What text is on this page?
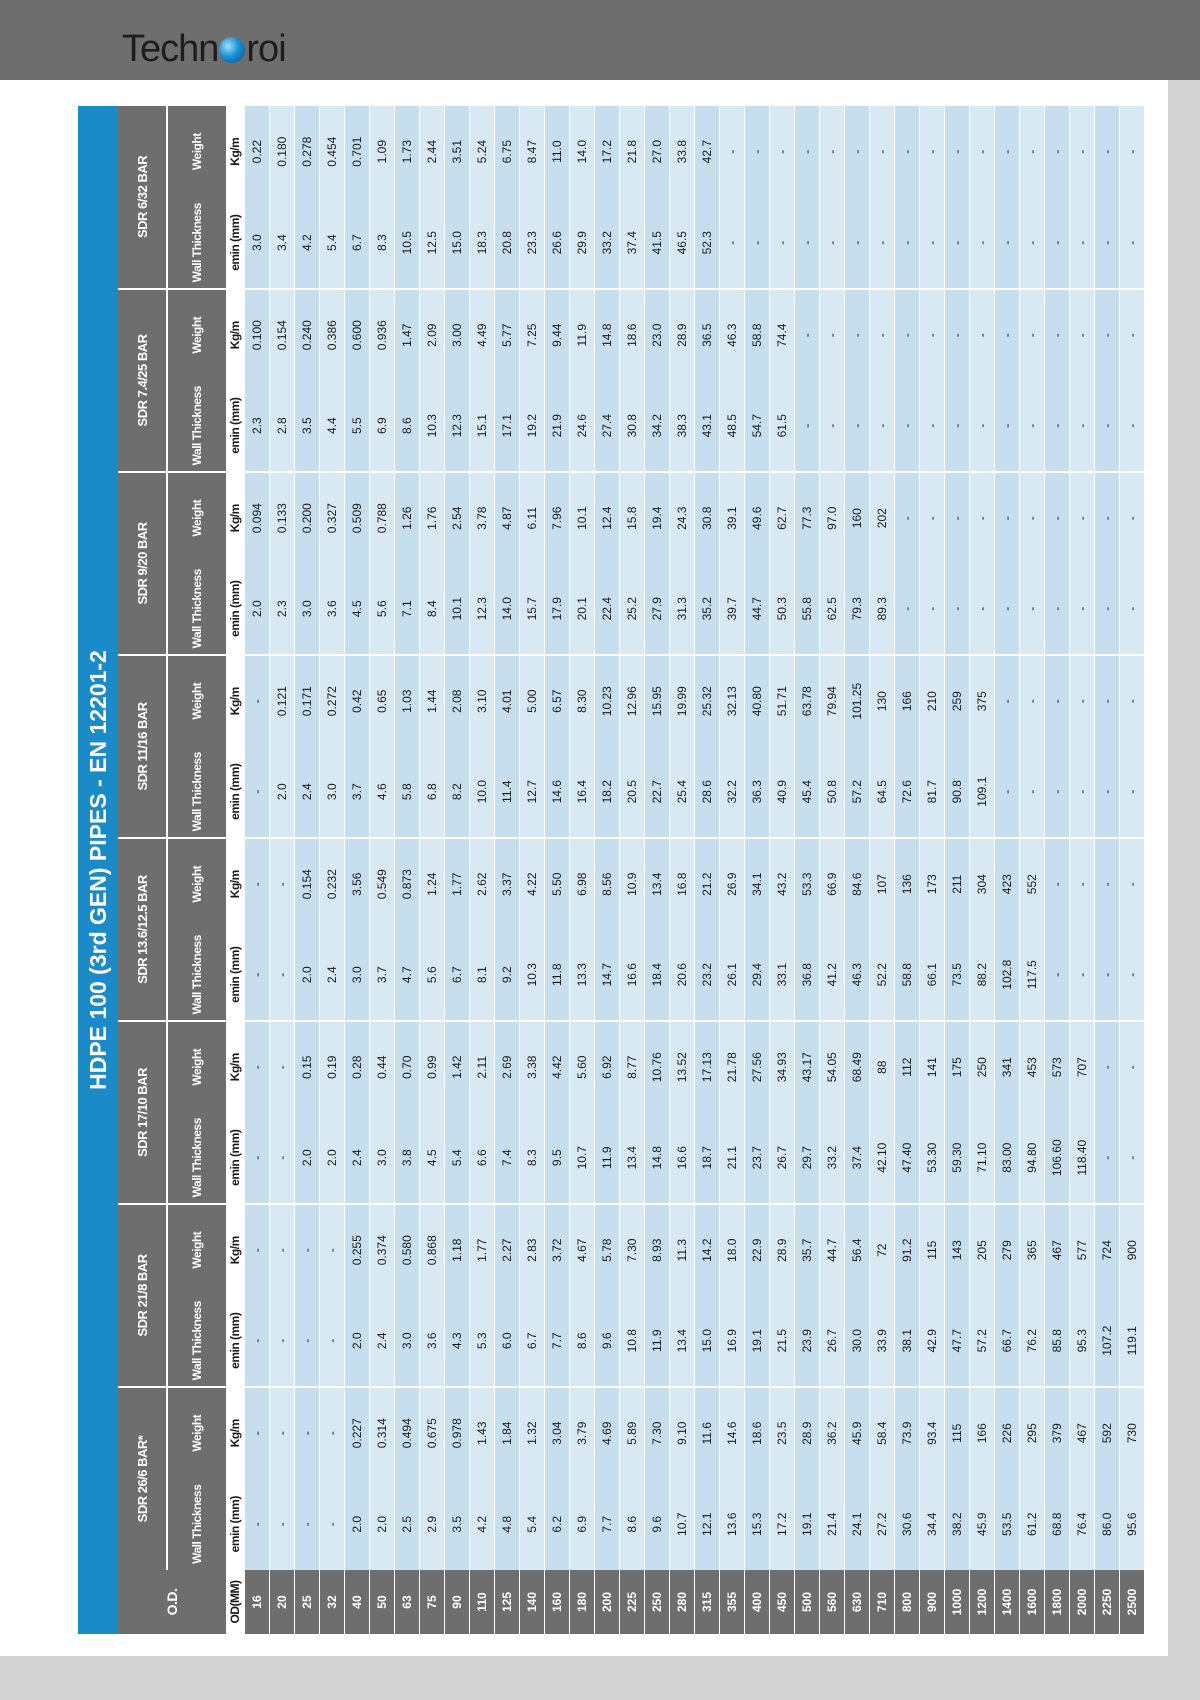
Techn roi
HDPE 100 (3rd GEN) PIPES - EN 12201-2
O.D.	SDR 26/6 BAR*		SDR 21/8 BAR		SDR 17/10 BAR		SDR 13.6/12.5 BAR		SDR 11/16 BAR		SDR 9/20 BAR		SDR 7.4/25 BAR		SDR 6/32 BAR	
	Wall Thickness	Weight	Wall Thickness	Weight	Wall Thickness	Weight	Wall Thickness	Weight	Wall Thickness	Weight	Wall Thickness	Weight	Wall Thickness	Weight	Wall Thickness	Weight
OD(MM)	emin (mm)	Kg/m	emin (mm)	Kg/m	emin (mm)	Kg/m	emin (mm)	Kg/m	emin (mm)	Kg/m	emin (mm)	Kg/m	emin (mm)	Kg/m	emin (mm)	Kg/m
16	-	-	-	-	-	-	-	-	-	-	2.0	0.094	2.3	0.100	3.0	0.22
20	-	-	-	-	-	-	-	-	2.0	0.121	2.3	0.133	2.8	0.154	3.4	0.180
25	-	-	-	-	2.0	0.15	2.0	0.154	2.4	0.171	3.0	0.200	3.5	0.240	4.2	0.278
32	-	-	-	-	2.0	0.19	2.4	0.232	3.0	0.272	3.6	0.327	4.4	0.386	5.4	0.454
40	2.0	0.227	2.0	0.255	2.4	0.28	3.0	3.56	3.7	0.42	4.5	0.509	5.5	0.600	6.7	0.701
50	2.0	0.314	2.4	0.374	3.0	0.44	3.7	0.549	4.6	0.65	5.6	0.788	6.9	0.936	8.3	1.09
63	2.5	0.494	3.0	0.580	3.8	0.70	4.7	0.873	5.8	1.03	7.1	1.26	8.6	1.47	10.5	1.73
75	2.9	0.675	3.6	0.868	4.5	0.99	5.6	1.24	6.8	1.44	8.4	1.76	10.3	2.09	12.5	2.44
90	3.5	0.978	4.3	1.18	5.4	1.42	6.7	1.77	8.2	2.08	10.1	2.54	12.3	3.00	15.0	3.51
110	4.2	1.43	5.3	1.77	6.6	2.11	8.1	2.62	10.0	3.10	12.3	3.78	15.1	4.49	18.3	5.24
125	4.8	1.84	6.0	2.27	7.4	2.69	9.2	3.37	11.4	4.01	14.0	4.87	17.1	5.77	20.8	6.75
140	5.4	1.32	6.7	2.83	8.3	3.38	10.3	4.22	12.7	5.00	15.7	6.11	19.2	7.25	23.3	8.47
160	6.2	3.04	7.7	3.72	9.5	4.42	11.8	5.50	14.6	6.57	17.9	7.96	21.9	9.44	26.6	11.0
180	6.9	3.79	8.6	4.67	10.7	5.60	13.3	6.98	16.4	8.30	20.1	10.1	24.6	11.9	29.9	14.0
200	7.7	4.69	9.6	5.78	11.9	6.92	14.7	8.56	18.2	10.23	22.4	12.4	27.4	14.8	33.2	17.2
225	8.6	5.89	10.8	7.30	13.4	8.77	16.6	10.9	20.5	12.96	25.2	15.8	30.8	18.6	37.4	21.8
250	9.6	7.30	11.9	8.93	14.8	10.76	18.4	13.4	22.7	15.95	27.9	19.4	34.2	23.0	41.5	27.0
280	10.7	9.10	13.4	11.3	16.6	13.52	20.6	16.8	25.4	19.99	31.3	24.3	38.3	28.9	46.5	33.8
315	12.1	11.6	15.0	14.2	18.7	17.13	23.2	21.2	28.6	25.32	35.2	30.8	43.1	36.5	52.3	42.7
355	13.6	14.6	16.9	18.0	21.1	21.78	26.1	26.9	32.2	32.13	39.7	39.1	48.5	46.3	-	-
400	15.3	18.6	19.1	22.9	23.7	27.56	29.4	34.1	36.3	40.80	44.7	49.6	54.7	58.8	-	-
450	17.2	23.5	21.5	28.9	26.7	34.93	33.1	43.2	40.9	51.71	50.3	62.7	61.5	74.4	-	-
500	19.1	28.9	23.9	35.7	29.7	43.17	36.8	53.3	45.4	63.78	55.8	77.3	-	-	-	-
560	21.4	36.2	26.7	44.7	33.2	54.05	41.2	66.9	50.8	79.94	62.5	97.0	-	-	-	-
630	24.1	45.9	30.0	56.4	37.4	68.49	46.3	84.6	57.2	101.25	79.3	160	-	-	-	-
710	27.2	58.4	33.9	72	42.10	88	52.2	107	64.5	130	89.3	202	-	-	-	-
800	30.6	73.9	38.1	91.2	47.40	112	58.8	136	72.6	166	-	-	-	-	-	-
900	34.4	93.4	42.9	115	53.30	141	66.1	173	81.7	210	-	-	-	-	-	-
1000	38.2	115	47.7	143	59.30	175	73.5	211	90.8	259	-	-	-	-	-	-
1200	45.9	166	57.2	205	71.10	250	88.2	304	109.1	375	-	-	-	-	-	-
1400	53.5	226	66.7	279	83.00	341	102.8	423	-	-	-	-	-	-	-	-
1600	61.2	295	76.2	365	94.80	453	117.5	552	-	-	-	-	-	-	-	-
1800	68.8	379	85.8	467	106.60	573	-	-	-	-	-	-	-	-	-	-
2000	76.4	467	95.3	577	118.40	707	-	-	-	-	-	-	-	-	-	-
2250	86.0	592	107.2	724	-	-	-	-	-	-	-	-	-	-	-	-
2500	95.6	730	119.1	900	-	-	-	-	-	-	-	-	-	-	-	-
